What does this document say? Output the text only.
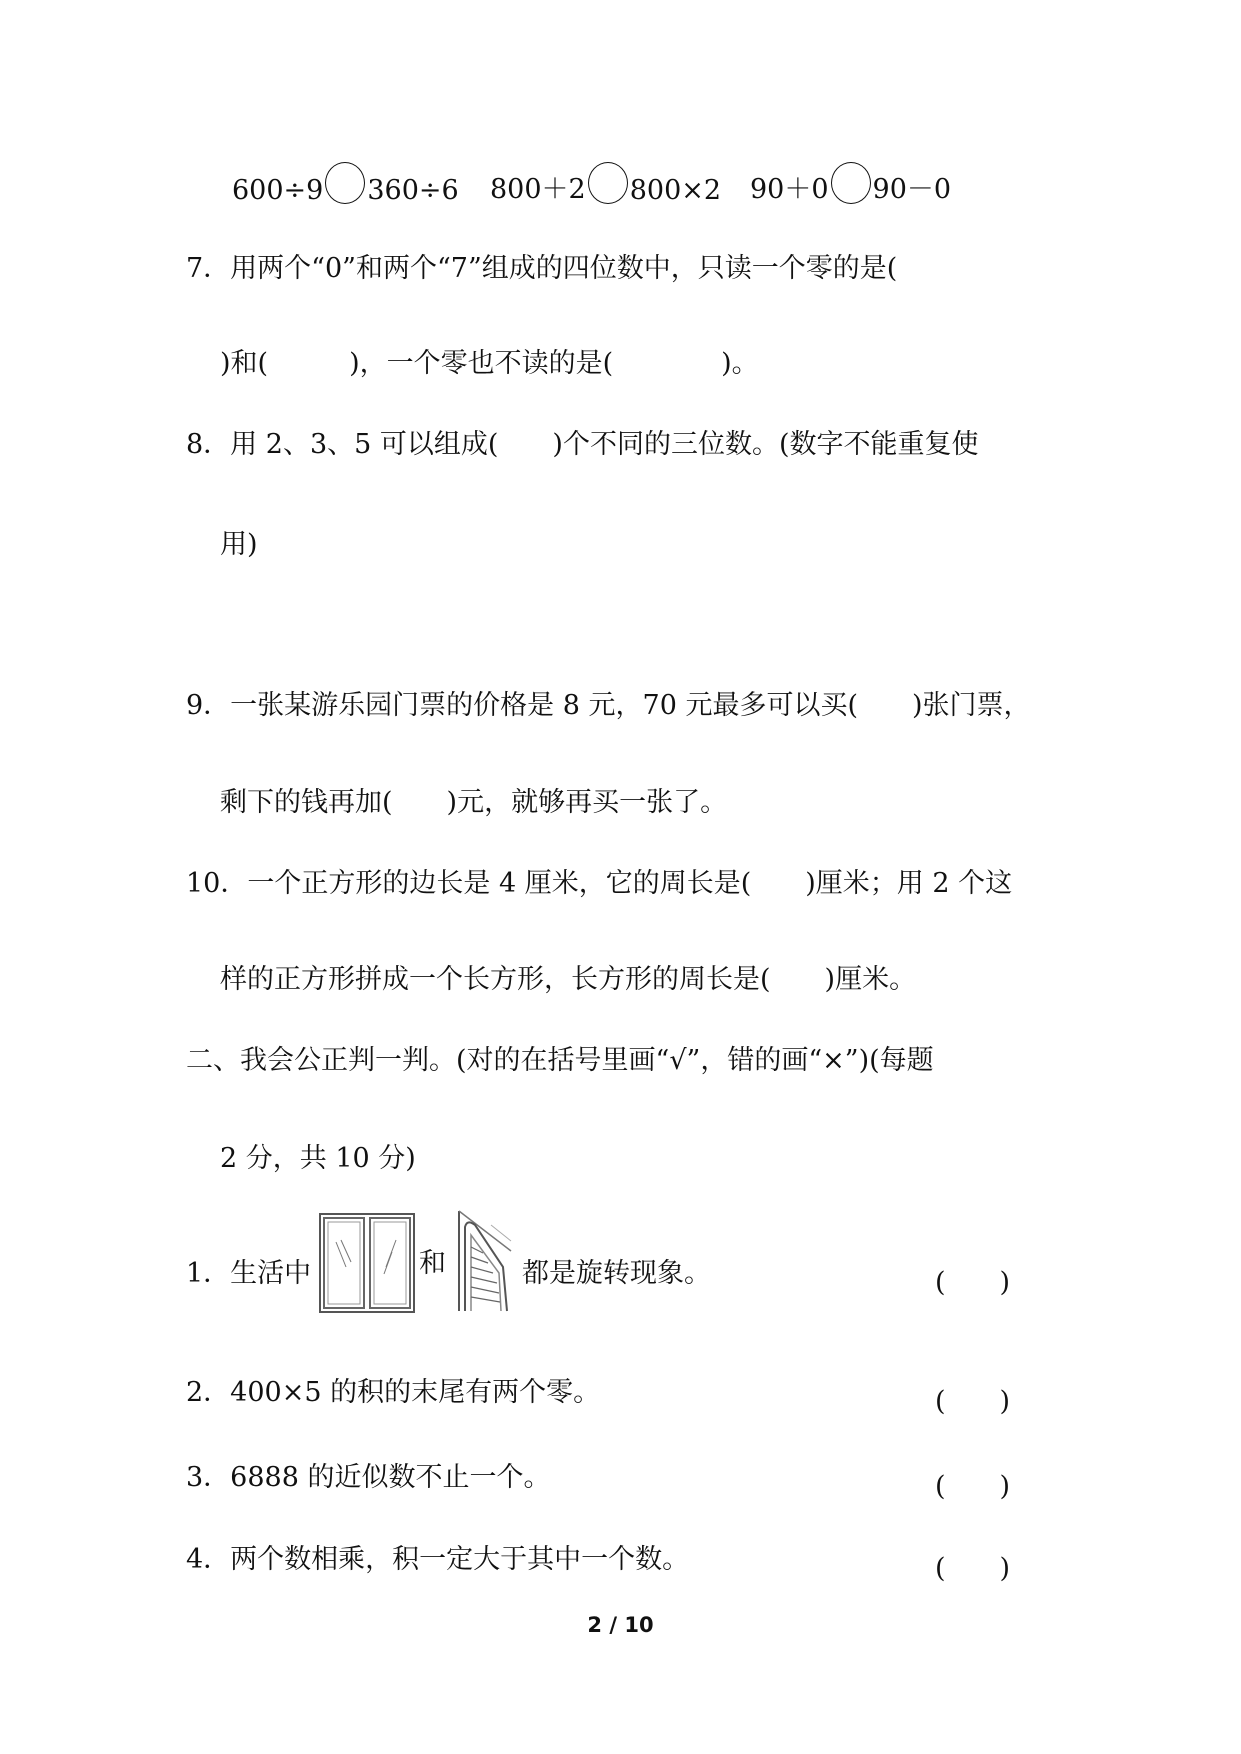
600÷9 360÷6 800＋2 800×2 90＋0 90－0
7．用两个“0”和两个“7”组成的四位数中，只读一个零的是(
)和(　　　)，一个零也不读的是(　　　　)。
8．用 2、3、5 可以组成(　　)个不同的三位数。(数字不能重复使
用)
9．一张某游乐园门票的价格是 8 元，70 元最多可以买(　　)张门票，
剩下的钱再加(　　)元，就够再买一张了。
10．一个正方形的边长是 4 厘米，它的周长是(　　)厘米；用 2 个这
样的正方形拼成一个长方形，长方形的周长是(　　)厘米。
二、我会公正判一判。(对的在括号里画“√”，错的画“×”)(每题
2 分，共 10 分)
1．生活中	和	都是旋转现象。	(　　)
2．400×5 的积的末尾有两个零。	(　　)
3．6888 的近似数不止一个。	(　　)
4．两个数相乘，积一定大于其中一个数。	(　　)
2 / 10
